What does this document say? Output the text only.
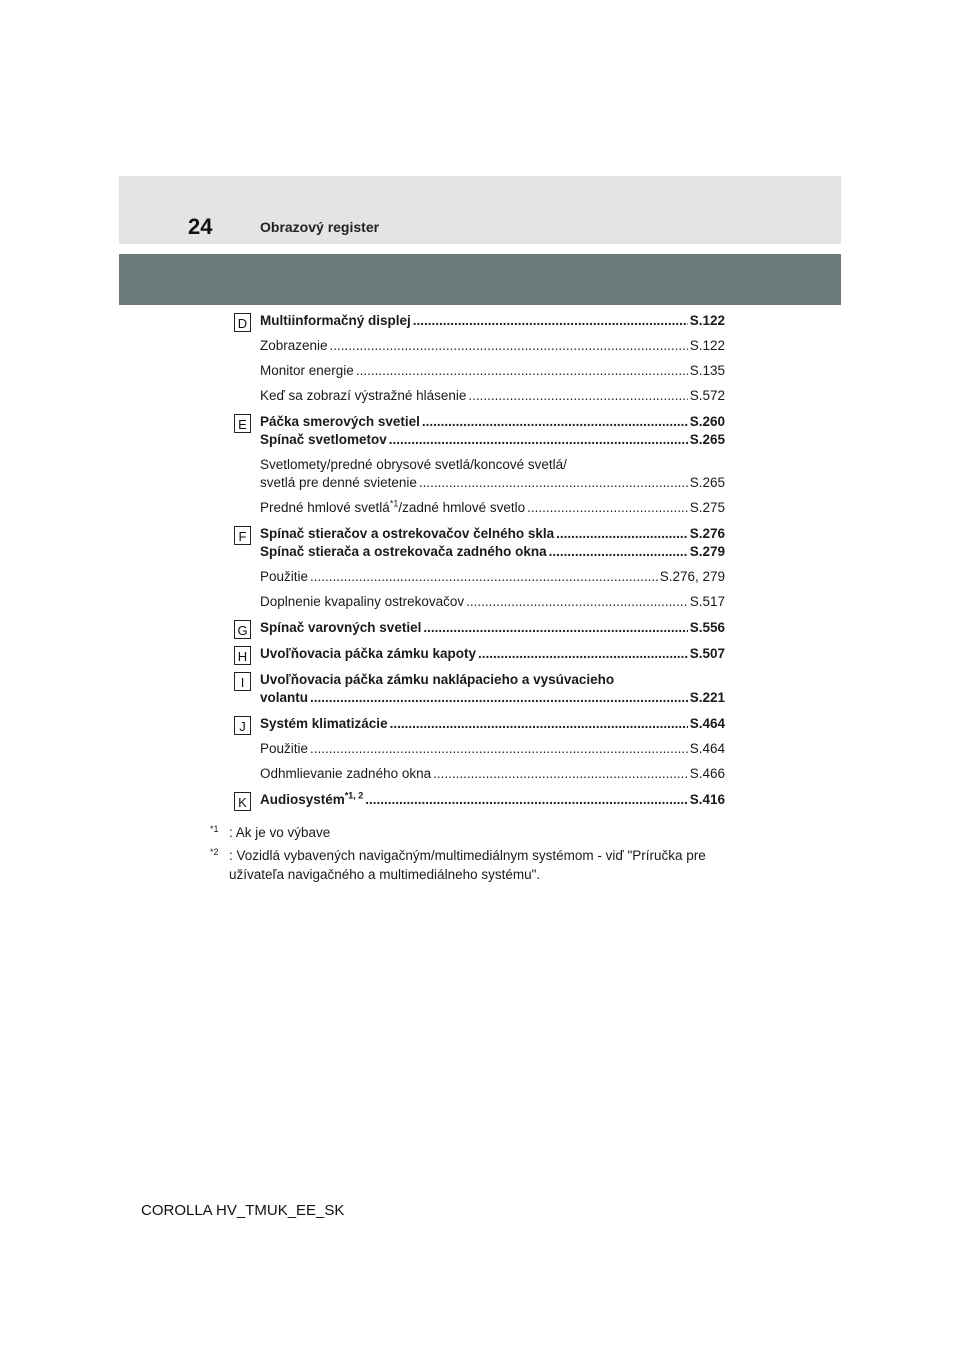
24	Obrazový register
D Multiinformačný displej .....	S.122
Zobrazenie .....	S.122
Monitor energie .....	S.135
Keď sa zobrazí výstražné hlásenie .....	S.572
E Páčka smerových svetiel .....	S.260
Spínač svetlometov .....	S.265
Svetlomety/predné obrysové svetlá/koncové svetlá/
svetlá pre denné svietenie .....	S.265
Predné hmlové svetlá$^{*1}$/zadné hmlové svetlo .....	S.275
F	Spínač stieračov a ostrekovačov čelného skla .....	S.276
Spínač stierača a ostrekovača zadného okna .....	S.279
Použitie .....	S.276, 279
Doplnenie kvapaliny ostrekovačov .....	S.517
G Spínač varovných svetiel .....	S.556
H Uvoľňovacia páčka zámku kapoty .....	S.507
I	Uvoľňovacia páčka zámku naklápacieho a vysúvacieho
volantu .....	S.221
J	Systém klimatizácie .....	S.464
Použitie .....	S.464
Odhmlievanie zadného okna .....	S.466
K Audiosystém$^{*1, 2}$ .....	S.416
*1 : Ak je vo výbave
*2 : Vozidlá vybavených navigačným/multimediálnym systémom - viď "Príručka pre užívateľa navigačného a multimediálneho systému".
COROLLA HV_TMUK_EE_SK
